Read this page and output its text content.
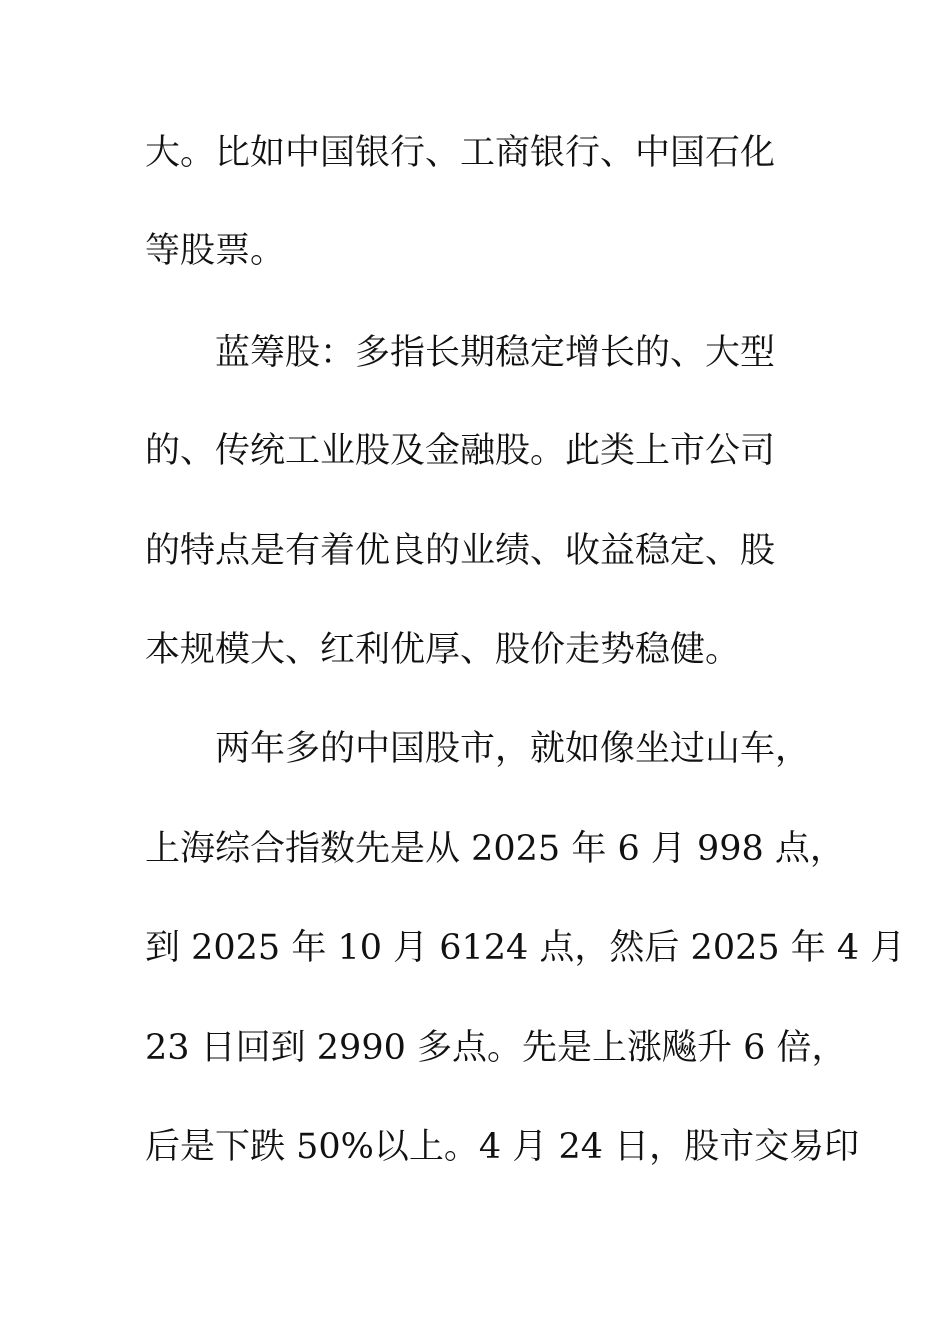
大。比如中国银行、工商银行、中国石化
等股票。
蓝筹股：多指长期稳定增长的、大型
的、传统工业股及金融股。此类上市公司
的特点是有着优良的业绩、收益稳定、股
本规模大、红利优厚、股价走势稳健。
两年多的中国股市，就如像坐过山车，
上海综合指数先是从 2025 年 6 月 998 点，
到 2025 年 10 月 6124 点，然后 2025 年 4 月
23 日回到 2990 多点。先是上涨飚升 6 倍，
后是下跌 50%以上。4 月 24 日，股市交易印
